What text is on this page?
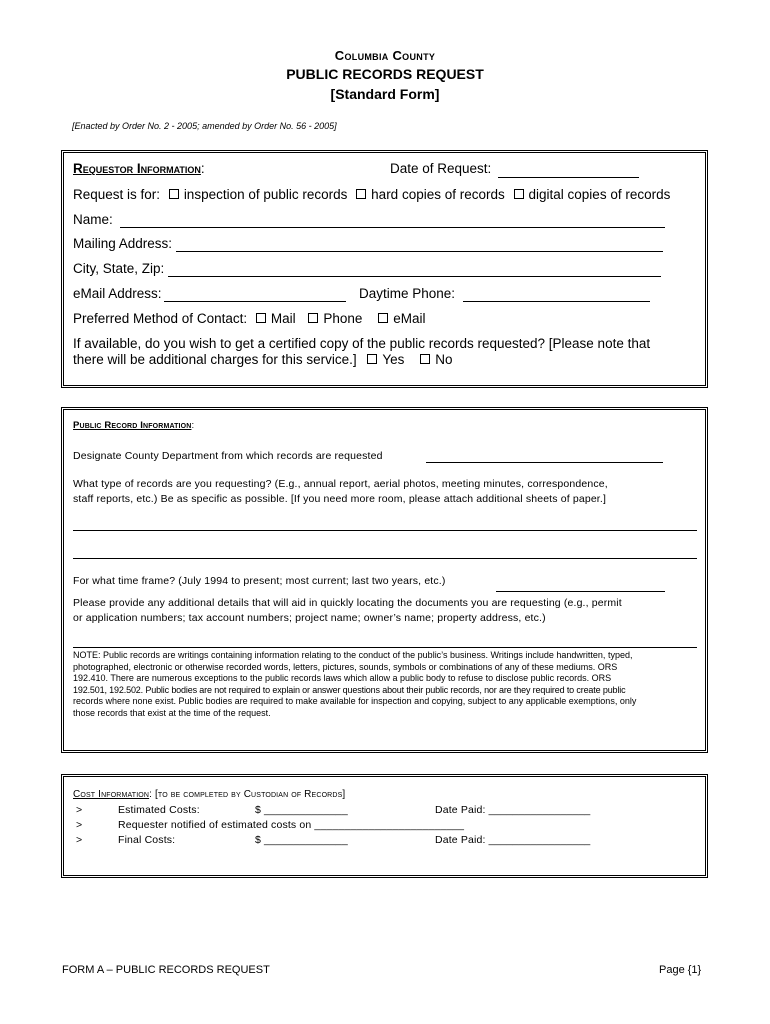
Columbia County
PUBLIC RECORDS REQUEST
[Standard Form]
[Enacted by Order No. 2 - 2005; amended by Order No. 56 - 2005]
Requestor Information:	Date of Request:
Request is for: inspection of public records hard copies of records digital copies of records
Name:
Mailing Address:
City, State, Zip:
eMail Address:	Daytime Phone:
Preferred Method of Contact: Mail Phone eMail
If available, do you wish to get a certified copy of the public records requested? [Please note that
there will be additional charges for this service.] Yes No
Public Record Information:
Designate County Department from which records are requested
What type of records are you requesting? (E.g., annual report, aerial photos, meeting minutes, correspondence,
staff reports, etc.) Be as specific as possible. [If you need more room, please attach additional sheets of paper.]
For what time frame? (July 1994 to present; most current; last two years, etc.)
Please provide any additional details that will aid in quickly locating the documents you are requesting (e.g., permit
or application numbers; tax account numbers; project name; owner’s name; property address, etc.)
NOTE: Public records are writings containing information relating to the conduct of the public’s business. Writings include handwritten, typed,
photographed, electronic or otherwise recorded words, letters, pictures, sounds, symbols or combinations of any of these mediums. ORS
192.410. There are numerous exceptions to the public records laws which allow a public body to refuse to disclose public records. ORS
192.501, 192.502. Public bodies are not required to explain or answer questions about their public records, nor are they required to create public
records where none exist. Public bodies are required to make available for inspection and copying, subject to any applicable exemptions, only
those records that exist at the time of the request.
Cost Information: [to be completed by Custodian of Records]
>	Estimated Costs:	$ ______________	Date Paid: _________________
>	Requester notified of estimated costs on _________________________
>	Final Costs:	$ ______________	Date Paid: _________________
FORM A – PUBLIC RECORDS REQUEST	Page {1}
